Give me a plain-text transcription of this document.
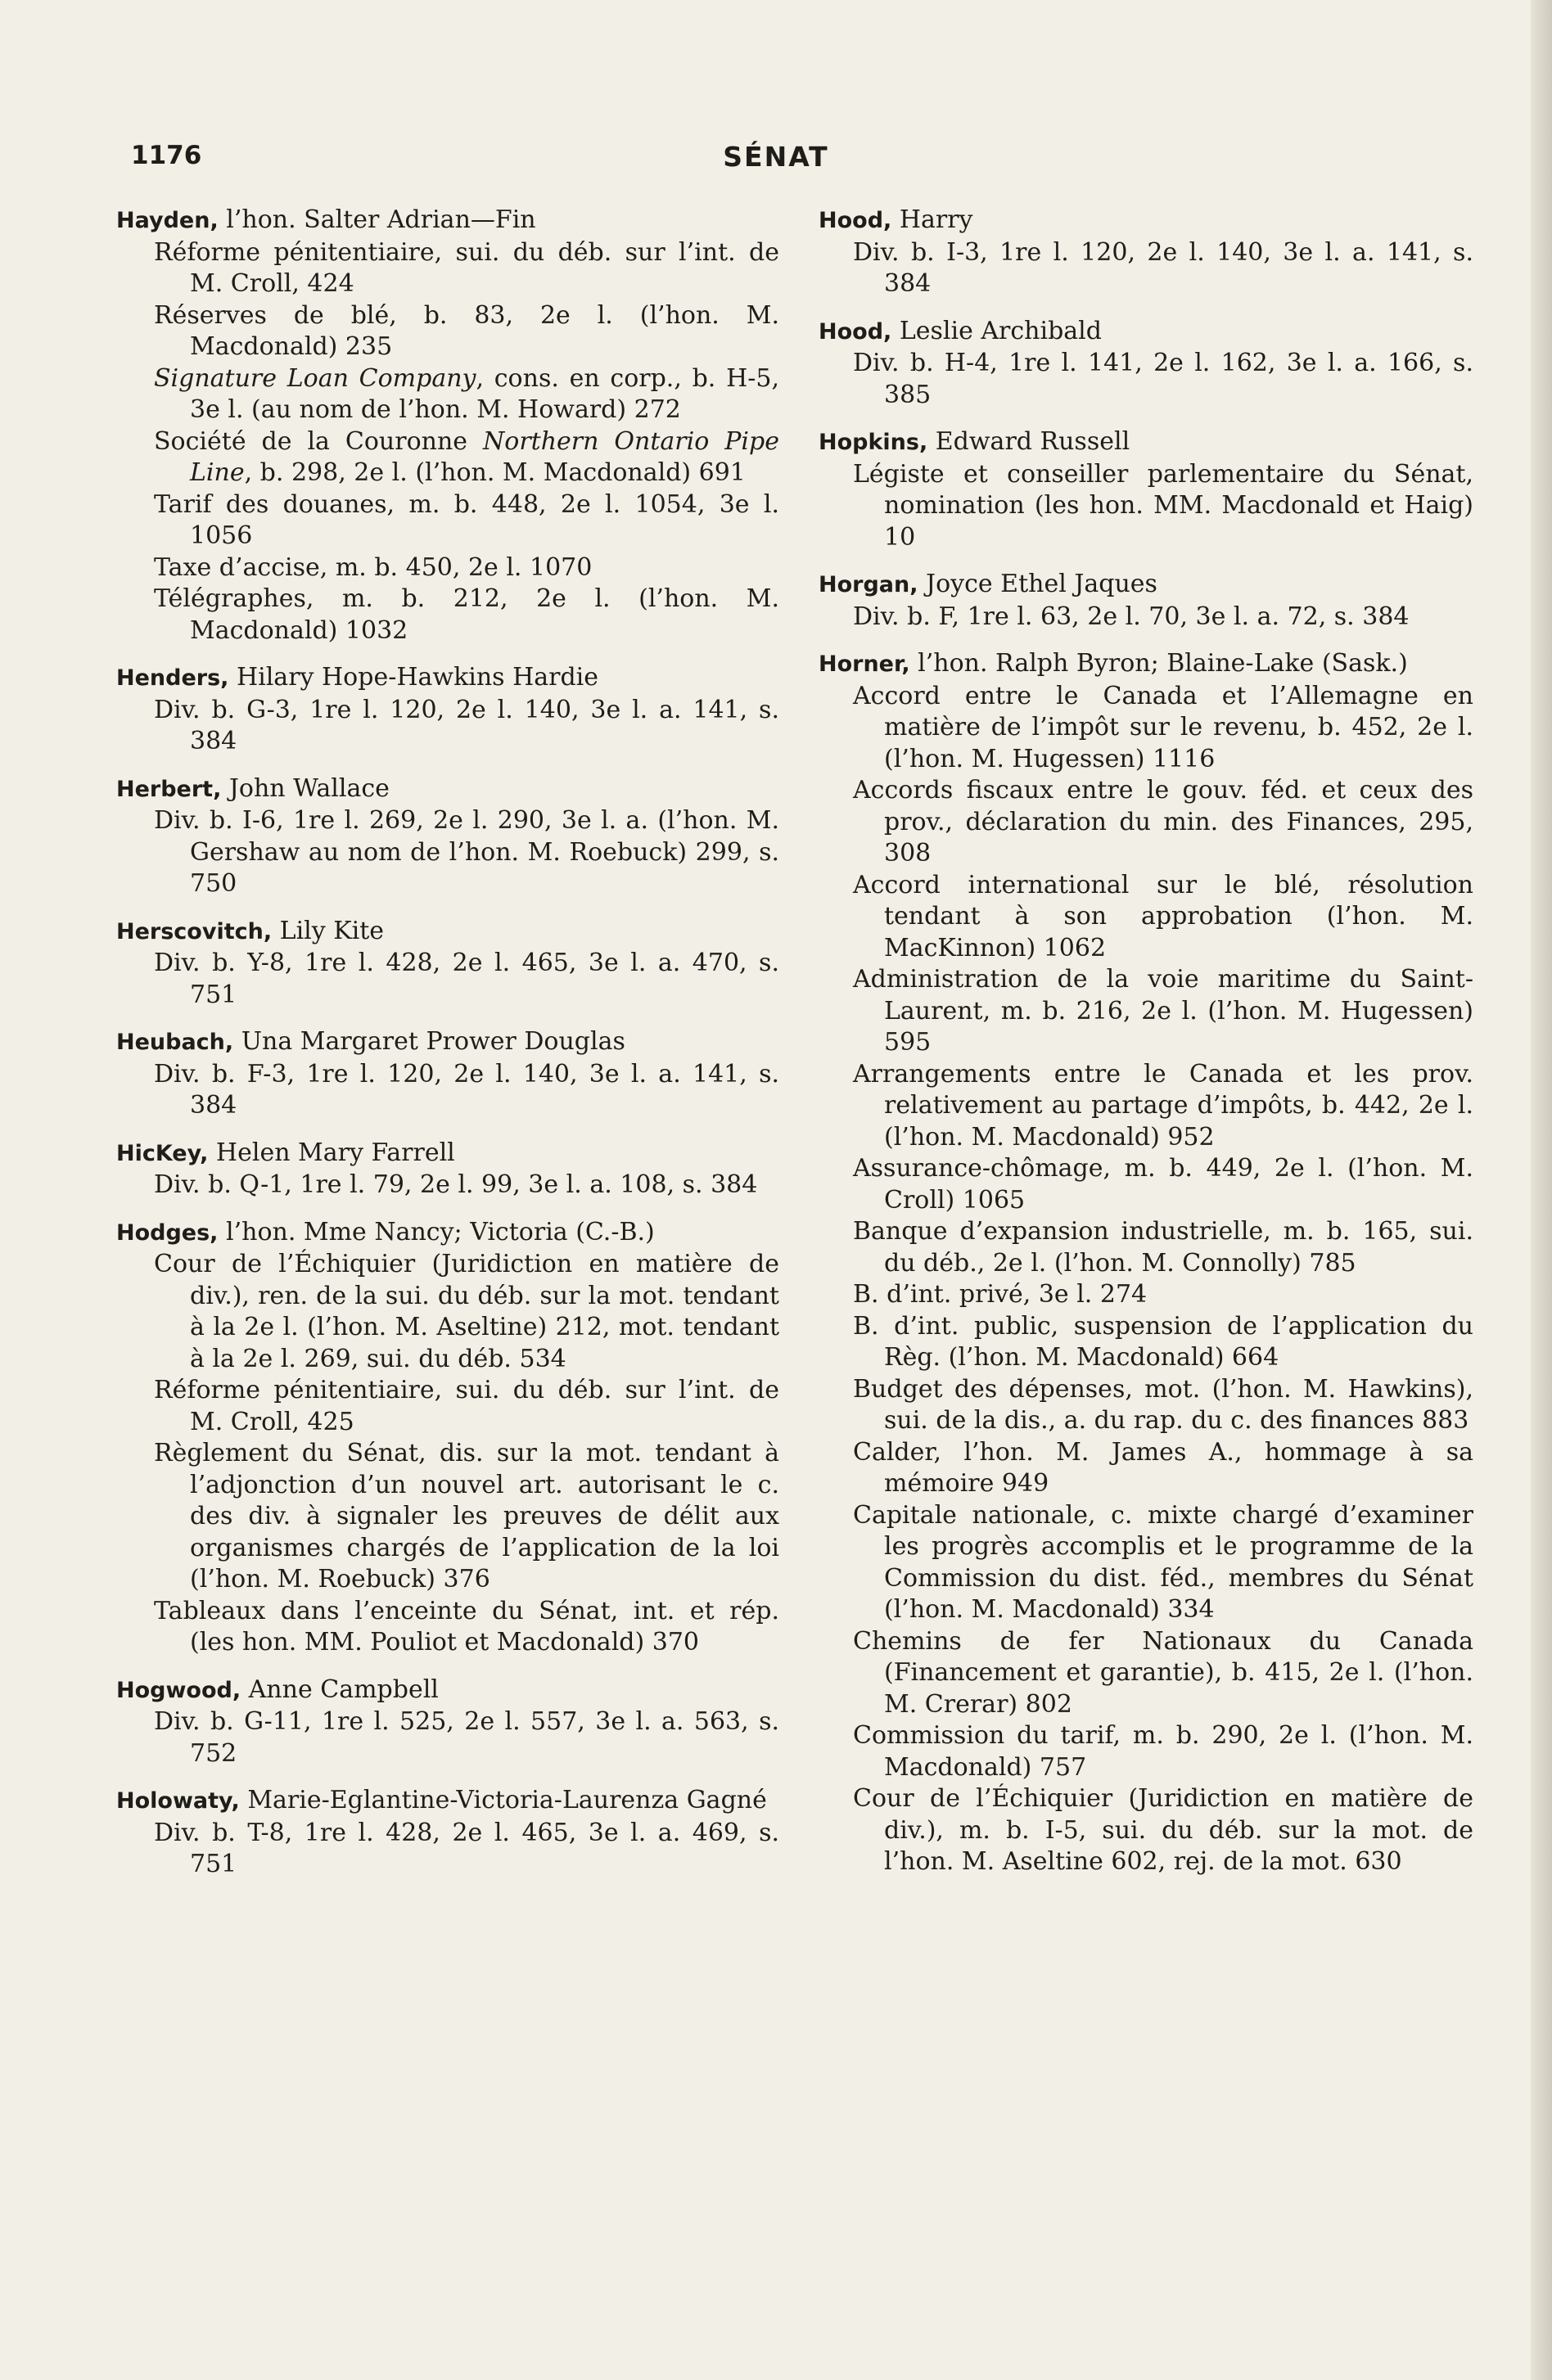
1176	SÉNAT
Hayden, l’hon. Salter Adrian—Fin
Réforme pénitentiaire, sui. du déb. sur l’int. de M. Croll, 424
Réserves de blé, b. 83, 2e l. (l’hon. M. Macdonald) 235
Signature Loan Company, cons. en corp., b. H-5, 3e l. (au nom de l’hon. M. Howard) 272
Société de la Couronne Northern Ontario Pipe Line, b. 298, 2e l. (l’hon. M. Macdonald) 691
Tarif des douanes, m. b. 448, 2e l. 1054, 3e l. 1056
Taxe d’accise, m. b. 450, 2e l. 1070
Télégraphes, m. b. 212, 2e l. (l’hon. M. Macdonald) 1032
Henders, Hilary Hope-Hawkins Hardie
Div. b. G-3, 1re l. 120, 2e l. 140, 3e l. a. 141, s. 384
Herbert, John Wallace
Div. b. I-6, 1re l. 269, 2e l. 290, 3e l. a. (l’hon. M. Gershaw au nom de l’hon. M. Roebuck) 299, s. 750
Herscovitch, Lily Kite
Div. b. Y-8, 1re l. 428, 2e l. 465, 3e l. a. 470, s. 751
Heubach, Una Margaret Prower Douglas
Div. b. F-3, 1re l. 120, 2e l. 140, 3e l. a. 141, s. 384
HicKey, Helen Mary Farrell
Div. b. Q-1, 1re l. 79, 2e l. 99, 3e l. a. 108, s. 384
Hodges, l’hon. Mme Nancy; Victoria (C.-B.)
Cour de l’Échiquier (Juridiction en matière de div.), ren. de la sui. du déb. sur la mot. tendant à la 2e l. (l’hon. M. Aseltine) 212, mot. tendant à la 2e l. 269, sui. du déb. 534
Réforme pénitentiaire, sui. du déb. sur l’int. de M. Croll, 425
Règlement du Sénat, dis. sur la mot. tendant à l’adjonction d’un nouvel art. autorisant le c. des div. à signaler les preuves de délit aux organismes chargés de l’application de la loi (l’hon. M. Roebuck) 376
Tableaux dans l’enceinte du Sénat, int. et rép. (les hon. MM. Pouliot et Macdonald) 370
Hogwood, Anne Campbell
Div. b. G-11, 1re l. 525, 2e l. 557, 3e l. a. 563, s. 752
Holowaty, Marie-Eglantine-Victoria-Laurenza Gagné
Div. b. T-8, 1re l. 428, 2e l. 465, 3e l. a. 469, s. 751
Hood, Harry
Div. b. I-3, 1re l. 120, 2e l. 140, 3e l. a. 141, s. 384
Hood, Leslie Archibald
Div. b. H-4, 1re l. 141, 2e l. 162, 3e l. a. 166, s. 385
Hopkins, Edward Russell
Légiste et conseiller parlementaire du Sénat, nomination (les hon. MM. Macdonald et Haig) 10
Horgan, Joyce Ethel Jaques
Div. b. F, 1re l. 63, 2e l. 70, 3e l. a. 72, s. 384
Horner, l’hon. Ralph Byron; Blaine-Lake (Sask.)
Accord entre le Canada et l’Allemagne en matière de l’impôt sur le revenu, b. 452, 2e l. (l’hon. M. Hugessen) 1116
Accords fiscaux entre le gouv. féd. et ceux des prov., déclaration du min. des Finances, 295, 308
Accord international sur le blé, résolution tendant à son approbation (l’hon. M. MacKinnon) 1062
Administration de la voie maritime du Saint-Laurent, m. b. 216, 2e l. (l’hon. M. Hugessen) 595
Arrangements entre le Canada et les prov. relativement au partage d’impôts, b. 442, 2e l. (l’hon. M. Macdonald) 952
Assurance-chômage, m. b. 449, 2e l. (l’hon. M. Croll) 1065
Banque d’expansion industrielle, m. b. 165, sui. du déb., 2e l. (l’hon. M. Connolly) 785
B. d’int. privé, 3e l. 274
B. d’int. public, suspension de l’application du Règ. (l’hon. M. Macdonald) 664
Budget des dépenses, mot. (l’hon. M. Hawkins), sui. de la dis., a. du rap. du c. des finances 883
Calder, l’hon. M. James A., hommage à sa mémoire 949
Capitale nationale, c. mixte chargé d’examiner les progrès accomplis et le programme de la Commission du dist. féd., membres du Sénat (l’hon. M. Macdonald) 334
Chemins de fer Nationaux du Canada (Financement et garantie), b. 415, 2e l. (l’hon. M. Crerar) 802
Commission du tarif, m. b. 290, 2e l. (l’hon. M. Macdonald) 757
Cour de l’Échiquier (Juridiction en matière de div.), m. b. I-5, sui. du déb. sur la mot. de l’hon. M. Aseltine 602, rej. de la mot. 630
